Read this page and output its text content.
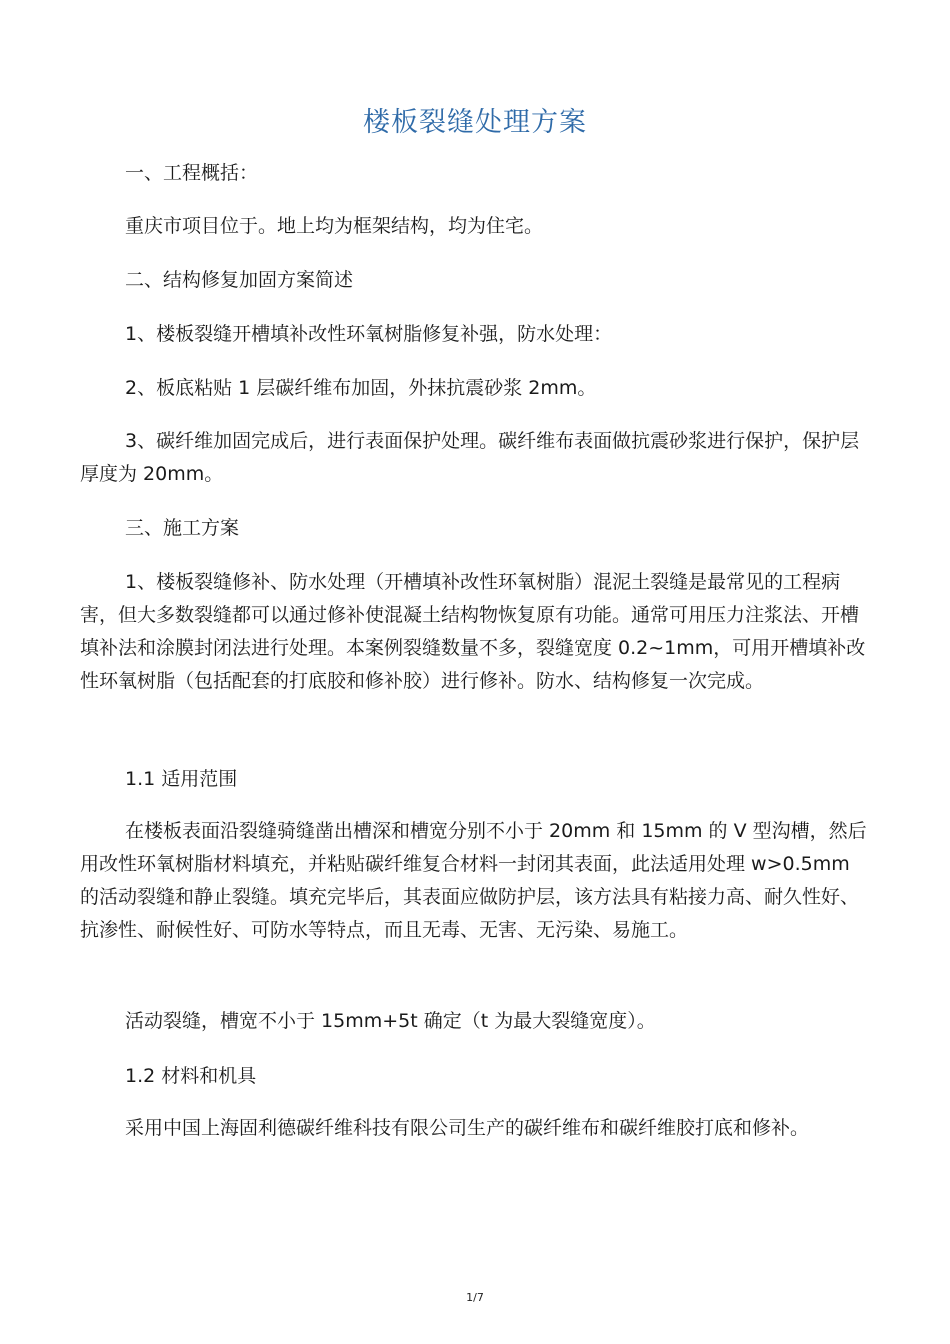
楼板裂缝处理方案
一、工程概括：
重庆市项目位于。地上均为框架结构，均为住宅。
二、结构修复加固方案简述
1、楼板裂缝开槽填补改性环氧树脂修复补强，防水处理：
2、板底粘贴 1 层碳纤维布加固，外抹抗震砂浆 2mm。
3、碳纤维加固完成后，进行表面保护处理。碳纤维布表面做抗震砂浆进行保护，保护层厚度为 20mm。
三、施工方案
1、楼板裂缝修补、防水处理（开槽填补改性环氧树脂）混泥土裂缝是最常见的工程病害，但大多数裂缝都可以通过修补使混凝土结构物恢复原有功能。通常可用压力注浆法、开槽填补法和涂膜封闭法进行处理。本案例裂缝数量不多，裂缝宽度 0.2~1mm，可用开槽填补改性环氧树脂（包括配套的打底胶和修补胶）进行修补。防水、结构修复一次完成。
1.1 适用范围
在楼板表面沿裂缝骑缝凿出槽深和槽宽分别不小于 20mm 和 15mm 的 V 型沟槽，然后用改性环氧树脂材料填充，并粘贴碳纤维复合材料一封闭其表面，此法适用处理 w>0.5mm 的活动裂缝和静止裂缝。填充完毕后，其表面应做防护层，该方法具有粘接力高、耐久性好、抗渗性、耐候性好、可防水等特点，而且无毒、无害、无污染、易施工。
活动裂缝，槽宽不小于 15mm+5t 确定（t 为最大裂缝宽度）。
1.2 材料和机具
采用中国上海固利德碳纤维科技有限公司生产的碳纤维布和碳纤维胶打底和修补。
1/7
